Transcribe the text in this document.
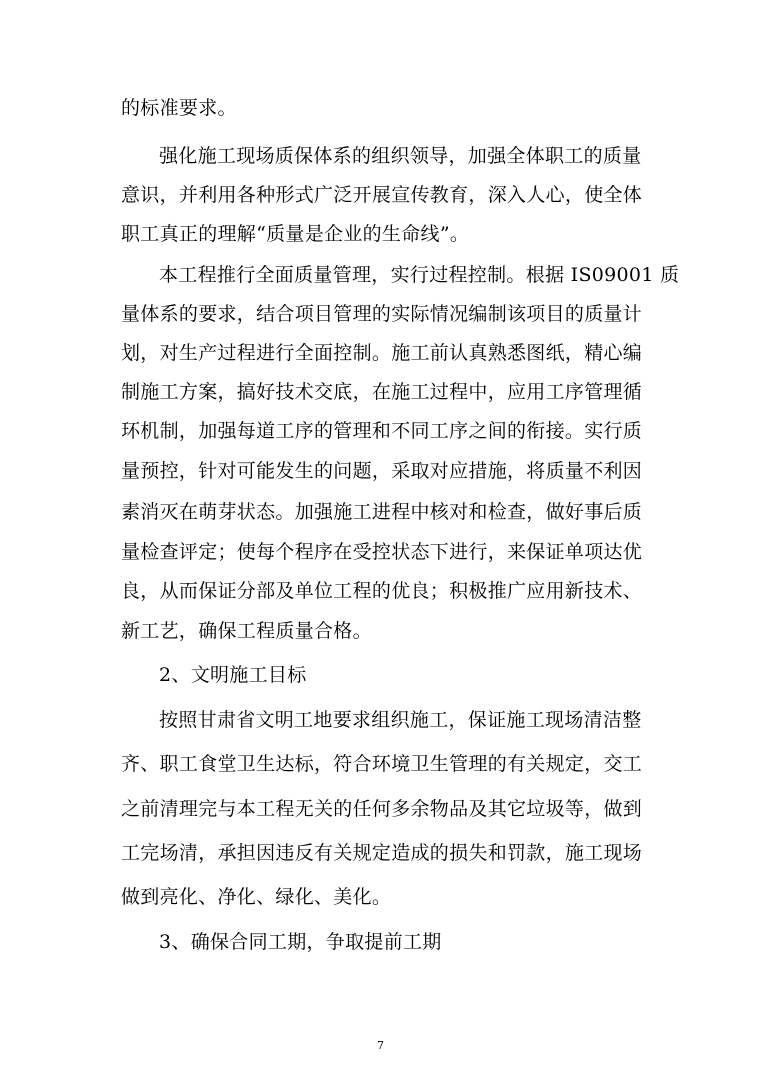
的标准要求。
强化施工现场质保体系的组织领导，加强全体职工的质量
意识，并利用各种形式广泛开展宣传教育，深入人心，使全体
职工真正的理解“质量是企业的生命线”。
本工程推行全面质量管理，实行过程控制。根据 IS09001 质
量体系的要求，结合项目管理的实际情况编制该项目的质量计
划，对生产过程进行全面控制。施工前认真熟悉图纸，精心编
制施工方案，搞好技术交底，在施工过程中，应用工序管理循
环机制，加强每道工序的管理和不同工序之间的衔接。实行质
量预控，针对可能发生的问题，采取对应措施，将质量不利因
素消灭在萌芽状态。加强施工进程中核对和检查，做好事后质
量检查评定；使每个程序在受控状态下进行，来保证单项达优
良，从而保证分部及单位工程的优良；积极推广应用新技术、
新工艺，确保工程质量合格。
2、文明施工目标
按照甘肃省文明工地要求组织施工，保证施工现场清洁整
齐、职工食堂卫生达标，符合环境卫生管理的有关规定，交工
之前清理完与本工程无关的任何多余物品及其它垃圾等，做到
工完场清，承担因违反有关规定造成的损失和罚款，施工现场
做到亮化、净化、绿化、美化。
3、确保合同工期，争取提前工期
7
